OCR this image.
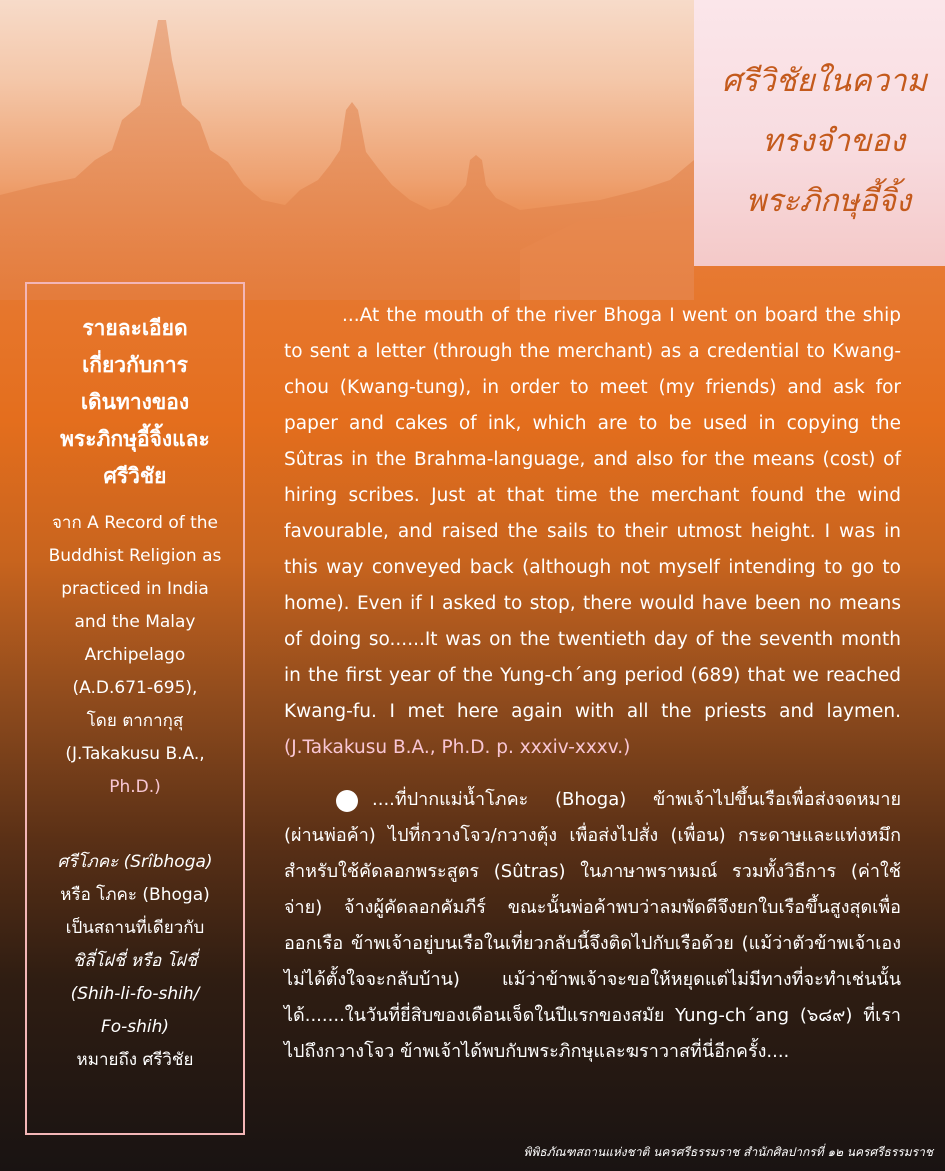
ศรีวิชัยในความ
ทรงจำของ
พระภิกษุอี้จิ้ง

รายละเอียด
เกี่ยวกับการ
เดินทางของ
พระภิกษุอี้จิ้งและ
ศรีวิชัย

จาก A Record of the
Buddhist Religion as
practiced in India
and the Malay
Archipelago
(A.D.671-695),
โดย ตากากุสุ
(J.Takakusu B.A.,
Ph.D.)
ศรีโภคะ (Srîbhoga)
หรือ โภคะ (Bhoga)
เป็นสถานที่เดียวกับ
ชิลี่โฝชี่ หรือ โฝชี่
(Shih-li-fo-shih/
Fo-shih)
หมายถึง ศรีวิชัย

...At the mouth of the river Bhoga I went on board the ship to sent a letter (through the merchant) as a credential to Kwang-chou (Kwang-tung), in order to meet (my friends) and ask for paper and cakes of ink, which are to be used in copying the Sûtras in the Brahma-language, and also for the means (cost) of hiring scribes. Just at that time the merchant found the wind favourable, and raised the sails to their utmost height. I was in this way conveyed back (although not myself intending to go to home). Even if I asked to stop, there would have been no means of doing so......It was on the twentieth day of the seventh month in the first year of the Yung-ch´ang period (689) that we reached Kwang-fu. I met here again with all the priests and laymen. (J.Takakusu B.A., Ph.D. p. xxxiv-xxxv.)

....ที่ปากแม่น้ำโภคะ (Bhoga) ข้าพเจ้าไปขึ้นเรือเพื่อส่งจดหมาย (ผ่านพ่อค้า) ไปที่กวางโจว/กวางตุ้ง เพื่อส่งไปสั่ง (เพื่อน) กระดาษและแท่งหมึกสำหรับใช้คัดลอกพระสูตร (Sûtras) ในภาษาพราหมณ์ รวมทั้งวิธีการ (ค่าใช้จ่าย) จ้างผู้คัดลอกคัมภีร์ ขณะนั้นพ่อค้าพบว่าลมพัดดีจึงยกใบเรือขึ้นสูงสุดเพื่อออกเรือ ข้าพเจ้าอยู่บนเรือในเที่ยวกลับนี้จึงติดไปกับเรือด้วย (แม้ว่าตัวข้าพเจ้าเองไม่ได้ตั้งใจจะกลับบ้าน) แม้ว่าข้าพเจ้าจะขอให้หยุดแต่ไม่มีทางที่จะทำเช่นนั้นได้.......ในวันที่ยี่สิบของเดือนเจ็ดในปีแรกของสมัย Yung-ch´ang (๖๘๙) ที่เราไปถึงกวางโจว ข้าพเจ้าได้พบกับพระภิกษุและฆราวาสที่นี่อีกครั้ง....

พิพิธภัณฑสถานแห่งชาติ นครศรีธรรมราช สำนักศิลปากรที่ ๑๒ นครศรีธรรมราช
